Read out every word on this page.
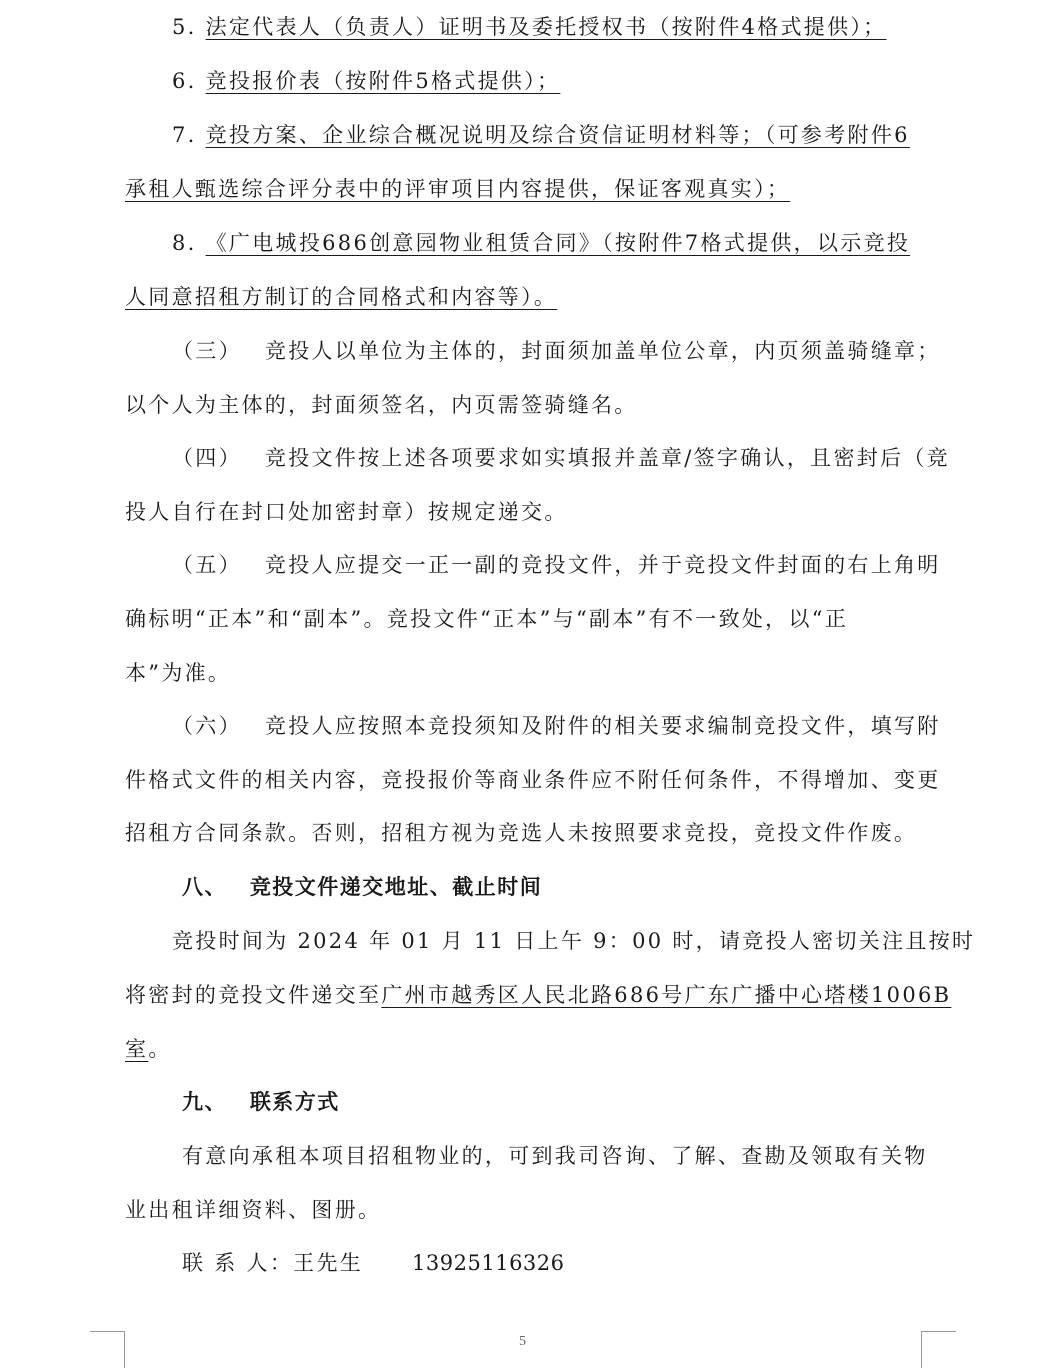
5. 法定代表人（负责人）证明书及委托授权书（按附件4格式提供）；
6. 竞投报价表（按附件5格式提供）；
7. 竞投方案、企业综合概况说明及综合资信证明材料等；（可参考附件6
承租人甄选综合评分表中的评审项目内容提供，保证客观真实）；
8. 《广电城投686创意园物业租赁合同》（按附件7格式提供，以示竞投
人同意招租方制订的合同格式和内容等）。
（三） 竞投人以单位为主体的，封面须加盖单位公章，内页须盖骑缝章；
以个人为主体的，封面须签名，内页需签骑缝名。
（四） 竞投文件按上述各项要求如实填报并盖章/签字确认，且密封后（竞
投人自行在封口处加密封章）按规定递交。
（五） 竞投人应提交一正一副的竞投文件，并于竞投文件封面的右上角明
确标明“正本”和“副本”。竞投文件“正本”与“副本”有不一致处，以“正
本”为准。
（六） 竞投人应按照本竞投须知及附件的相关要求编制竞投文件，填写附
件格式文件的相关内容，竞投报价等商业条件应不附任何条件，不得增加、变更
招租方合同条款。否则，招租方视为竞选人未按照要求竞投，竞投文件作废。
八、 竞投文件递交地址、截止时间
竞投时间为 2024 年 01 月 11 日上午 9：00 时，请竞投人密切关注且按时
将密封的竞投文件递交至广州市越秀区人民北路686号广东广播中心塔楼1006B
室。
九、 联系方式
有意向承租本项目招租物业的，可到我司咨询、了解、查勘及领取有关物
业出租详细资料、图册。
联 系 人：王先生 13925116326
5
